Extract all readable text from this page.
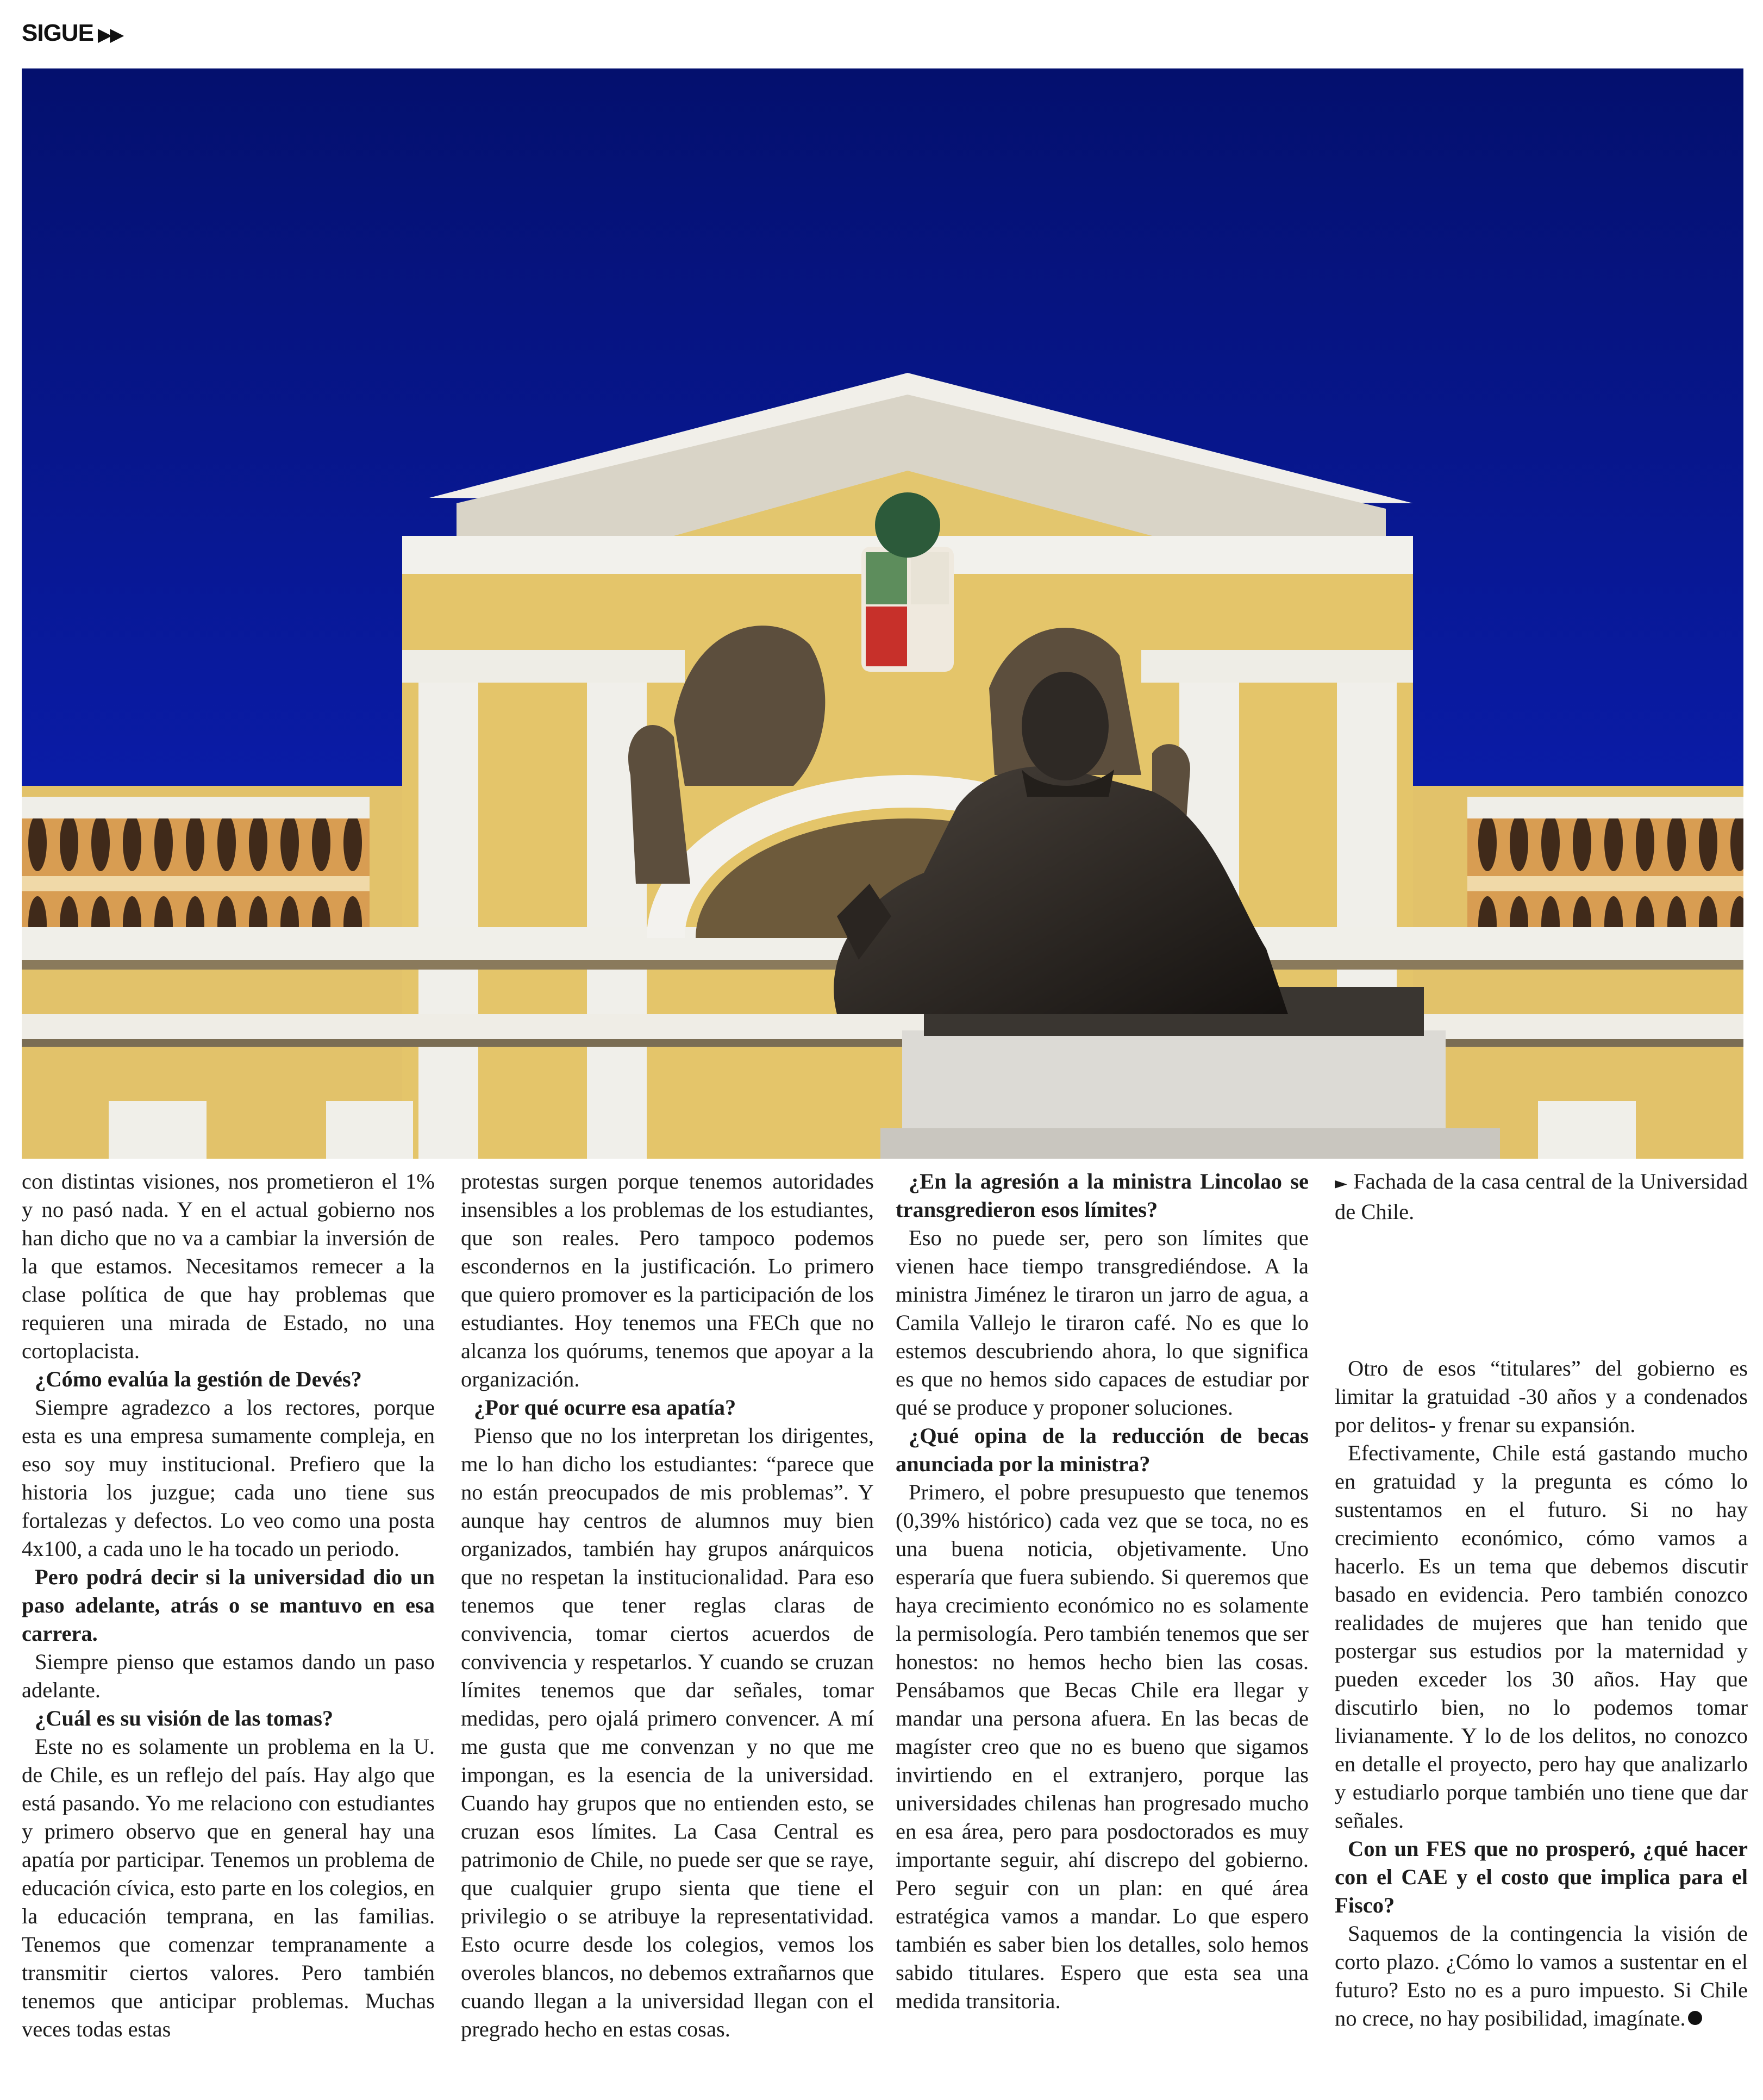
SIGUE ▶▶

con distintas visiones, nos prometieron el 1% y no pasó nada. Y en el actual gobierno nos han dicho que no va a cambiar la inversión de la que estamos. Necesitamos remecer a la clase política de que hay problemas que requieren una mirada de Estado, no una cortoplacista.

¿Cómo evalúa la gestión de Devés?

Siempre agradezco a los rectores, porque esta es una empresa sumamente compleja, en eso soy muy institucional. Prefiero que la historia los juzgue; cada uno tiene sus fortalezas y defectos. Lo veo como una posta 4x100, a cada uno le ha tocado un periodo.

Pero podrá decir si la universidad dio un paso adelante, atrás o se mantuvo en esa carrera.

Siempre pienso que estamos dando un paso adelante.

¿Cuál es su visión de las tomas?

Este no es solamente un problema en la U. de Chile, es un reflejo del país. Hay algo que está pasando. Yo me relaciono con estudiantes y primero observo que en general hay una apatía por participar. Tenemos un problema de educación cívica, esto parte en los colegios, en la educación temprana, en las familias. Tenemos que comenzar tempranamente a transmitir ciertos valores. Pero también tenemos que anticipar problemas. Muchas veces todas estas

protestas surgen porque tenemos autoridades insensibles a los problemas de los estudiantes, que son reales. Pero tampoco podemos escondernos en la justificación. Lo primero que quiero promover es la participación de los estudiantes. Hoy tenemos una FECh que no alcanza los quórums, tenemos que apoyar a la organización.

¿Por qué ocurre esa apatía?

Pienso que no los interpretan los dirigentes, me lo han dicho los estudiantes: “parece que no están preocupados de mis problemas”. Y aunque hay centros de alumnos muy bien organizados, también hay grupos anárquicos que no respetan la institucionalidad. Para eso tenemos que tener reglas claras de convivencia, tomar ciertos acuerdos de convivencia y respetarlos. Y cuando se cruzan límites tenemos que dar señales, tomar medidas, pero ojalá primero convencer. A mí me gusta que me convenzan y no que me impongan, es la esencia de la universidad. Cuando hay grupos que no entienden esto, se cruzan esos límites. La Casa Central es patrimonio de Chile, no puede ser que se raye, que cualquier grupo sienta que tiene el privilegio o se atribuye la representatividad. Esto ocurre desde los colegios, vemos los overoles blancos, no debemos extrañarnos que cuando llegan a la universidad llegan con el pregrado hecho en estas cosas.

¿En la agresión a la ministra Lincolao se transgredieron esos límites?

Eso no puede ser, pero son límites que vienen hace tiempo transgrediéndose. A la ministra Jiménez le tiraron un jarro de agua, a Camila Vallejo le tiraron café. No es que lo estemos descubriendo ahora, lo que significa es que no hemos sido capaces de estudiar por qué se produce y proponer soluciones.

¿Qué opina de la reducción de becas anunciada por la ministra?

Primero, el pobre presupuesto que tenemos (0,39% histórico) cada vez que se toca, no es una buena noticia, objetivamente. Uno esperaría que fuera subiendo. Si queremos que haya crecimiento económico no es solamente la permisología. Pero también tenemos que ser honestos: no hemos hecho bien las cosas. Pensábamos que Becas Chile era llegar y mandar una persona afuera. En las becas de magíster creo que no es bueno que sigamos invirtiendo en el extranjero, porque las universidades chilenas han progresado mucho en esa área, pero para posdoctorados es muy importante seguir, ahí discrepo del gobierno. Pero seguir con un plan: en qué área estratégica vamos a mandar. Lo que espero también es saber bien los detalles, solo hemos sabido titulares. Espero que esta sea una medida transitoria.

► Fachada de la casa central de la Universidad de Chile.

Otro de esos “titulares” del gobierno es limitar la gratuidad -30 años y a condenados por delitos- y frenar su expansión.

Efectivamente, Chile está gastando mucho en gratuidad y la pregunta es cómo lo sustentamos en el futuro. Si no hay crecimiento económico, cómo vamos a hacerlo. Es un tema que debemos discutir basado en evidencia. Pero también conozco realidades de mujeres que han tenido que postergar sus estudios por la maternidad y pueden exceder los 30 años. Hay que discutirlo bien, no lo podemos tomar livianamente. Y lo de los delitos, no conozco en detalle el proyecto, pero hay que analizarlo y estudiarlo porque también uno tiene que dar señales.

Con un FES que no prosperó, ¿qué hacer con el CAE y el costo que implica para el Fisco?

Saquemos de la contingencia la visión de corto plazo. ¿Cómo lo vamos a sustentar en el futuro? Esto no es a puro impuesto. Si Chile no crece, no hay posibilidad, imagínate.
